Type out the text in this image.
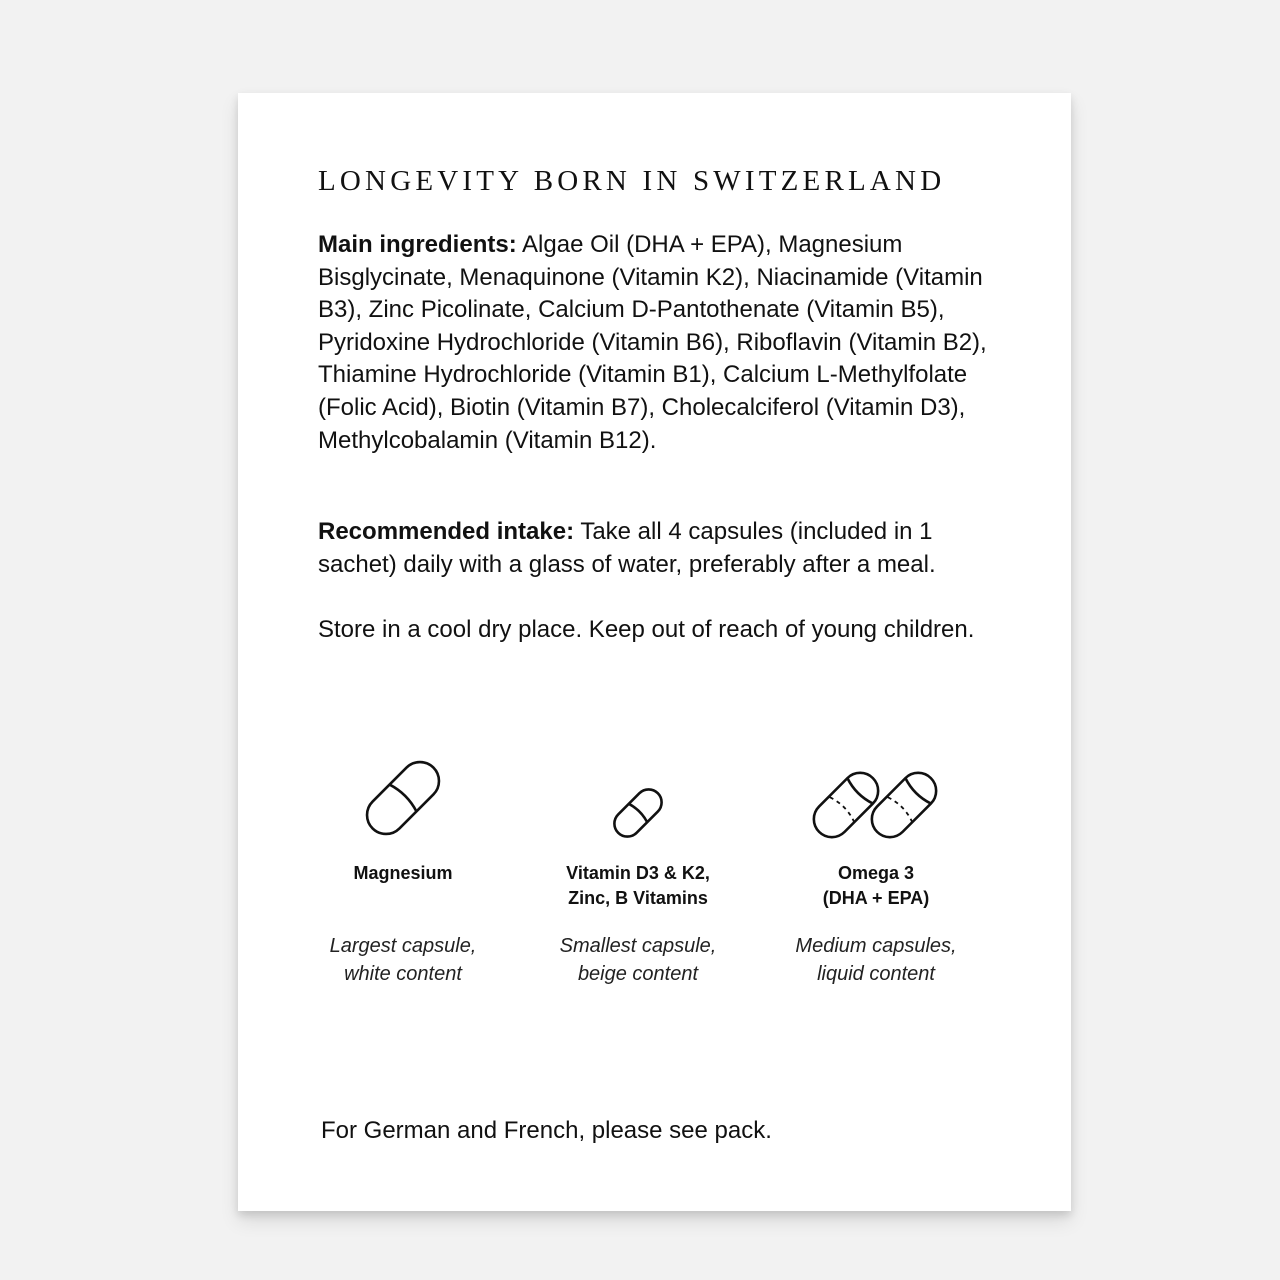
LONGEVITY BORN IN SWITZERLAND

Main ingredients: Algae Oil (DHA + EPA), Magnesium Bisglycinate, Menaquinone (Vitamin K2), Niacinamide (Vitamin B3), Zinc Picolinate, Calcium D-Pantothenate (Vitamin B5), Pyridoxine Hydrochloride (Vitamin B6), Riboflavin (Vitamin B2), Thiamine Hydrochloride (Vitamin B1), Calcium L-Methylfolate (Folic Acid), Biotin (Vitamin B7), Cholecalciferol (Vitamin D3), Methylcobalamin (Vitamin B12).

Recommended intake: Take all 4 capsules (included in 1 sachet) daily with a glass of water, preferably after a meal.

Store in a cool dry place. Keep out of reach of young children.

Magnesium
Largest capsule,
white content
Vitamin D3 & K2,
Zinc, B Vitamins
Smallest capsule,
beige content
Omega 3
(DHA + EPA)
Medium capsules,
liquid content

For German and French, please see pack.
